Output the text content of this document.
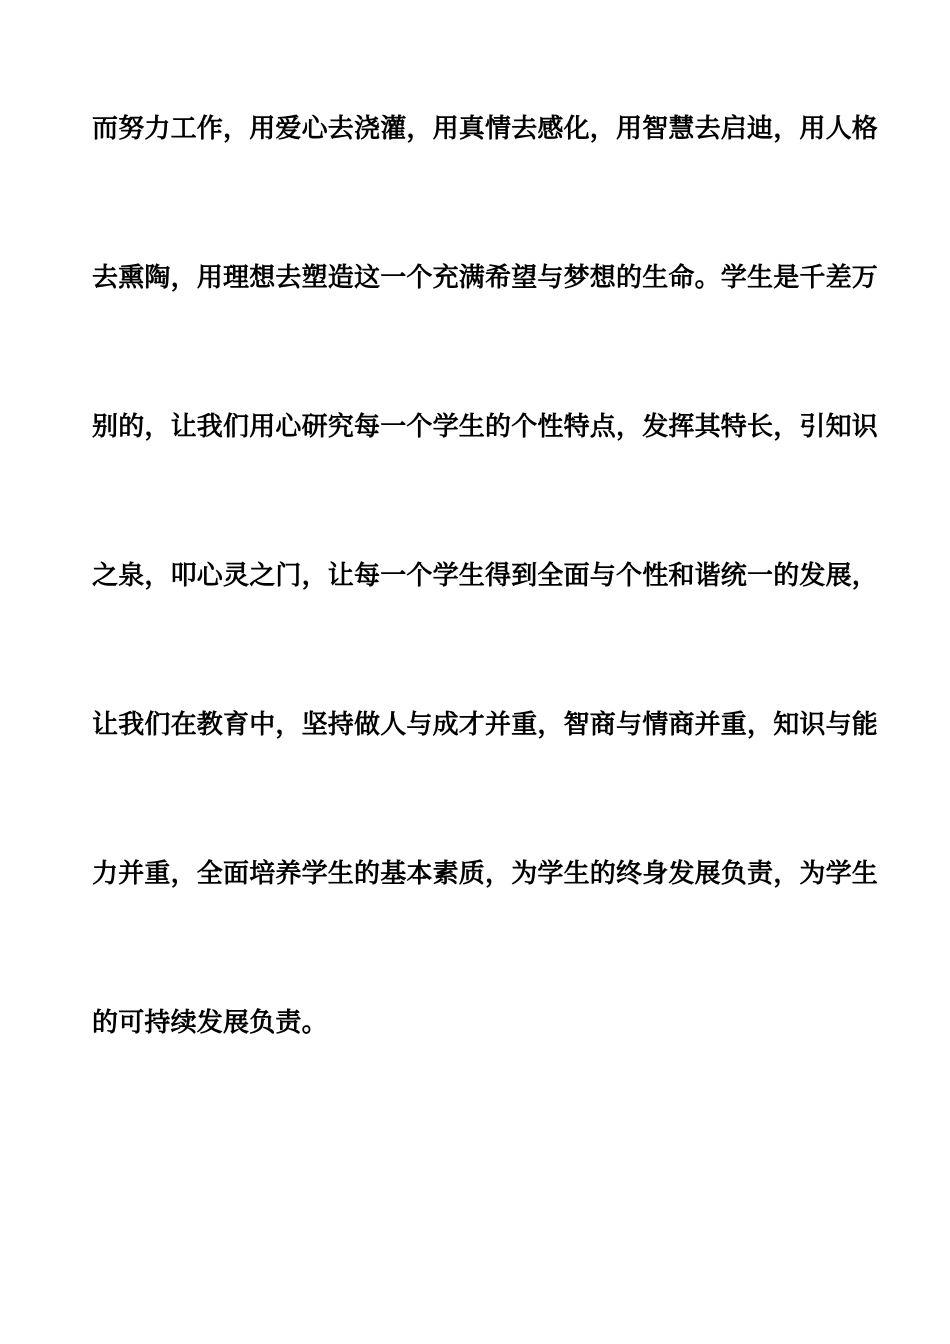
而努力工作，用爱心去浇灌，用真情去感化，用智慧去启迪，用人格

去熏陶，用理想去塑造这一个充满希望与梦想的生命。学生是千差万

别的，让我们用心研究每一个学生的个性特点，发挥其特长，引知识

之泉，叩心灵之门，让每一个学生得到全面与个性和谐统一的发展，

让我们在教育中，坚持做人与成才并重，智商与情商并重，知识与能

力并重，全面培养学生的基本素质，为学生的终身发展负责，为学生

的可持续发展负责。
